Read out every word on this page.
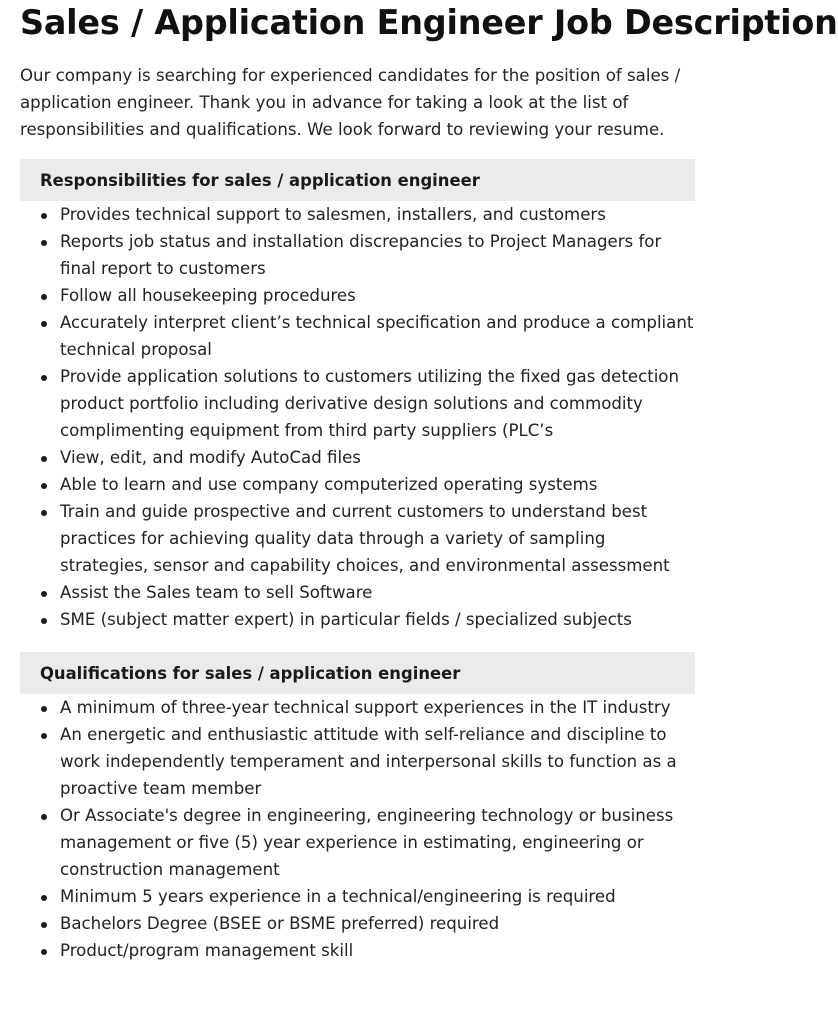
Sales / Application Engineer Job Description

Our company is searching for experienced candidates for the position of sales / application engineer. Thank you in advance for taking a look at the list of responsibilities and qualifications. We look forward to reviewing your resume.

Responsibilities for sales / application engineer
Provides technical support to salesmen, installers, and customers
Reports job status and installation discrepancies to Project Managers for final report to customers
Follow all housekeeping procedures
Accurately interpret client’s technical specification and produce a compliant technical proposal
Provide application solutions to customers utilizing the fixed gas detection product portfolio including derivative design solutions and commodity complimenting equipment from third party suppliers (PLC’s
View, edit, and modify AutoCad files
Able to learn and use company computerized operating systems
Train and guide prospective and current customers to understand best practices for achieving quality data through a variety of sampling strategies, sensor and capability choices, and environmental assessment
Assist the Sales team to sell Software
SME (subject matter expert) in particular fields / specialized subjects
Qualifications for sales / application engineer
A minimum of three-year technical support experiences in the IT industry
An energetic and enthusiastic attitude with self-reliance and discipline to work independently temperament and interpersonal skills to function as a proactive team member
Or Associate's degree in engineering, engineering technology or business management or five (5) year experience in estimating, engineering or construction management
Minimum 5 years experience in a technical/engineering is required
Bachelors Degree (BSEE or BSME preferred) required
Product/program management skill
